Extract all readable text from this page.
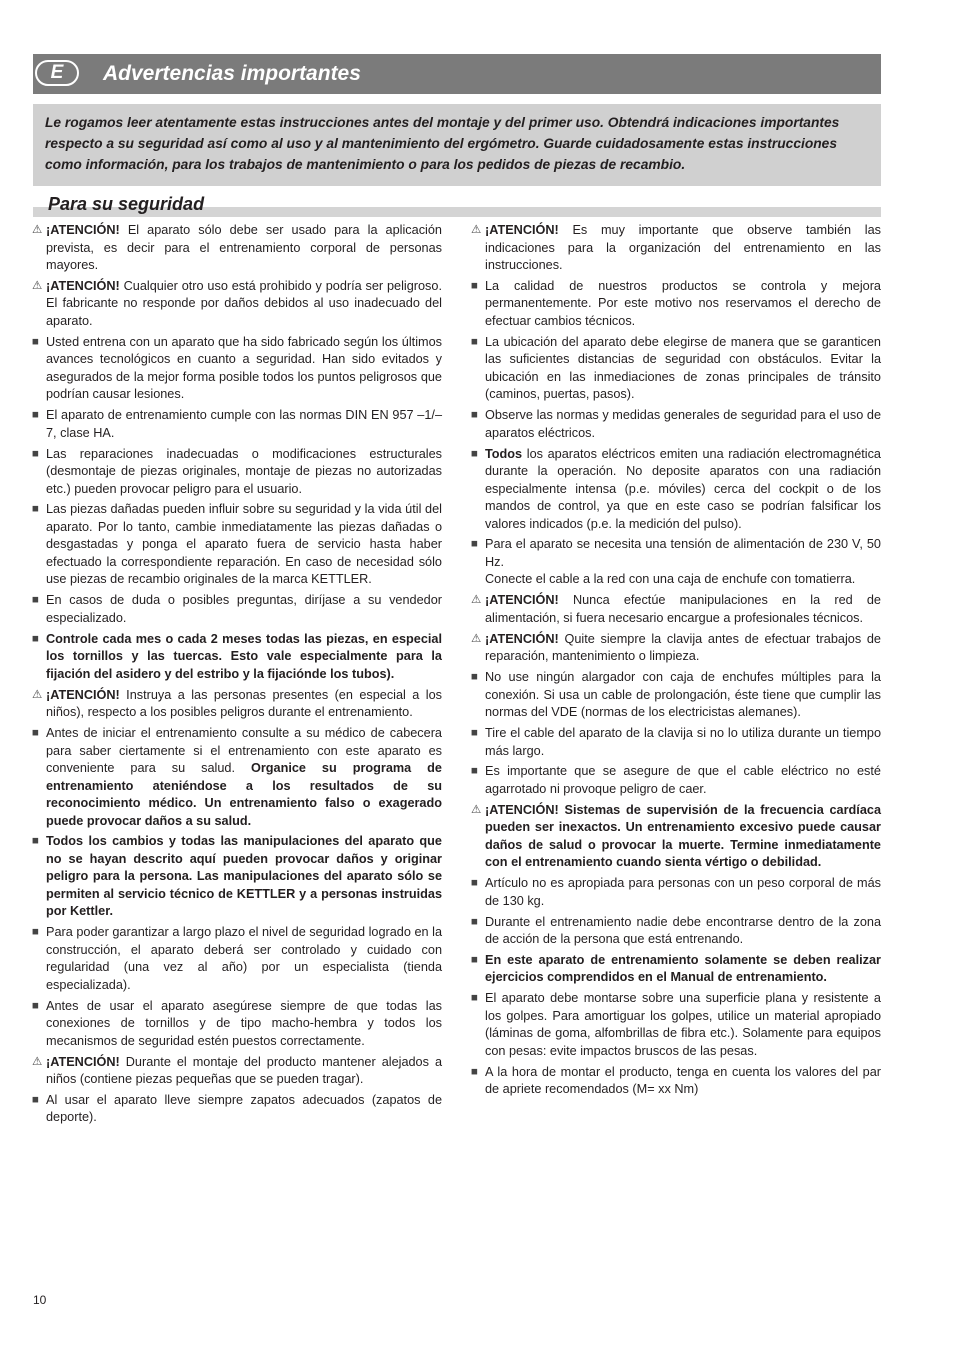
E	Advertencias importantes

Le rogamos leer atentamente estas instrucciones antes del montaje y del primer uso. Obtendrá indicaciones importantes respecto a su seguridad así como al uso y al mantenimiento del ergómetro. Guarde cuidadosamente estas instrucciones como información, para los trabajos de mantenimiento o para los pedidos de piezas de recambio.

Para su seguridad

⚠ ¡ATENCIÓN! El aparato sólo debe ser usado para la aplicación prevista, es decir para el entrenamiento corporal de personas mayores.

⚠ ¡ATENCIÓN! Cualquier otro uso está prohibido y podría ser peligroso. El fabricante no responde por daños debidos al uso inadecuado del aparato.

■ Usted entrena con un aparato que ha sido fabricado según los últimos avances tecnológicos en cuanto a seguridad. Han sido evitados y asegurados de la mejor forma posible todos los puntos peligrosos que podrían causar lesiones.

■ El aparato de entrenamiento cumple con las normas DIN EN 957 –1/–7, clase HA.

■ Las reparaciones inadecuadas o modificaciones estructurales (desmontaje de piezas originales, montaje de piezas no autorizadas etc.) pueden provocar peligro para el usuario.

■ Las piezas dañadas pueden influir sobre su seguridad y la vida útil del aparato. Por lo tanto, cambie inmediatamente las piezas dañadas o desgastadas y ponga el aparato fuera de servicio hasta haber efectuado la correspondiente reparación. En caso de necesidad sólo use piezas de recambio originales de la marca KETTLER.

■ En casos de duda o posibles preguntas, diríjase a su vendedor especializado.

■ Controle cada mes o cada 2 meses todas las piezas, en especial los tornillos y las tuercas. Esto vale especialmente para la fijación del asidero y del estribo y la fijaciónde los tubos).

⚠ ¡ATENCIÓN! Instruya a las personas presentes (en especial a los niños), respecto a los posibles peligros durante el entrenamiento.

■ Antes de iniciar el entrenamiento consulte a su médico de cabecera para saber ciertamente si el entrenamiento con este aparato es conveniente para su salud. Organice su programa de entrenamiento ateniéndose a los resultados de su reconocimiento médico. Un entrenamiento falso o exagerado puede provocar daños a su salud.

■ Todos los cambios y todas las manipulaciones del aparato que no se hayan descrito aquí pueden provocar daños y originar peligro para la persona. Las manipulaciones del aparato sólo se permiten al servicio técnico de KETTLER y a personas instruidas por Kettler.

■ Para poder garantizar a largo plazo el nivel de seguridad logrado en la construcción, el aparato deberá ser controlado y cuidado con regularidad (una vez al año) por un especialista (tienda especializada).

■ Antes de usar el aparato asegúrese siempre de que todas las conexiones de tornillos y de tipo macho-hembra y todos los mecanismos de seguridad estén puestos correctamente.

⚠ ¡ATENCIÓN! Durante el montaje del producto mantener alejados a niños (contiene piezas pequeñas que se pueden tragar).

■ Al usar el aparato lleve siempre zapatos adecuados (zapatos de deporte).

⚠ ¡ATENCIÓN! Es muy importante que observe también las indicaciones para la organización del entrenamiento en las instrucciones.

■ La calidad de nuestros productos se controla y mejora permanentemente. Por este motivo nos reservamos el derecho de efectuar cambios técnicos.

■ La ubicación del aparato debe elegirse de manera que se garanticen las suficientes distancias de seguridad con obstáculos. Evitar la ubicación en las inmediaciones de zonas principales de tránsito (caminos, puertas, pasos).

■ Observe las normas y medidas generales de seguridad para el uso de aparatos eléctricos.

■ Todos los aparatos eléctricos emiten una radiación electromagnética durante la operación. No deposite aparatos con una radiación especialmente intensa (p.e. móviles) cerca del cockpit o de los mandos de control, ya que en este caso se podrían falsificar los valores indicados (p.e. la medición del pulso).

■ Para el aparato se necesita una tensión de alimentación de 230 V, 50 Hz.
Conecte el cable a la red con una caja de enchufe con tomatierra.

⚠ ¡ATENCIÓN! Nunca efectúe manipulaciones en la red de alimentación, si fuera necesario encargue a profesionales técnicos.

⚠ ¡ATENCIÓN! Quite siempre la clavija antes de efectuar trabajos de reparación, mantenimiento o limpieza.

■ No use ningún alargador con caja de enchufes múltiples para la conexión. Si usa un cable de prolongación, éste tiene que cumplir las normas del VDE (normas de los electricistas alemanes).

■ Tire el cable del aparato de la clavija si no lo utiliza durante un tiempo más largo.

■ Es importante que se asegure de que el cable eléctrico no esté agarrotado ni provoque peligro de caer.

⚠ ¡ATENCIÓN! Sistemas de supervisión de la frecuencia cardíaca pueden ser inexactos. Un entrenamiento excesivo puede causar daños de salud o provocar la muerte. Termine inmediatamente con el entrenamiento cuando sienta vértigo o debilidad.

■ Artículo no es apropiada para personas con un peso corporal de más de 130 kg.

■ Durante el entrenamiento nadie debe encontrarse dentro de la zona de acción de la persona que está entrenando.

■ En este aparato de entrenamiento solamente se deben realizar ejercicios comprendidos en el Manual de entrenamiento.

■ El aparato debe montarse sobre una superficie plana y resistente a los golpes. Para amortiguar los golpes, utilice un material apropiado (láminas de goma, alfombrillas de fibra etc.). Solamente para equipos con pesas: evite impactos bruscos de las pesas.

■ A la hora de montar el producto, tenga en cuenta los valores del par de apriete recomendados (M= xx Nm)

10
